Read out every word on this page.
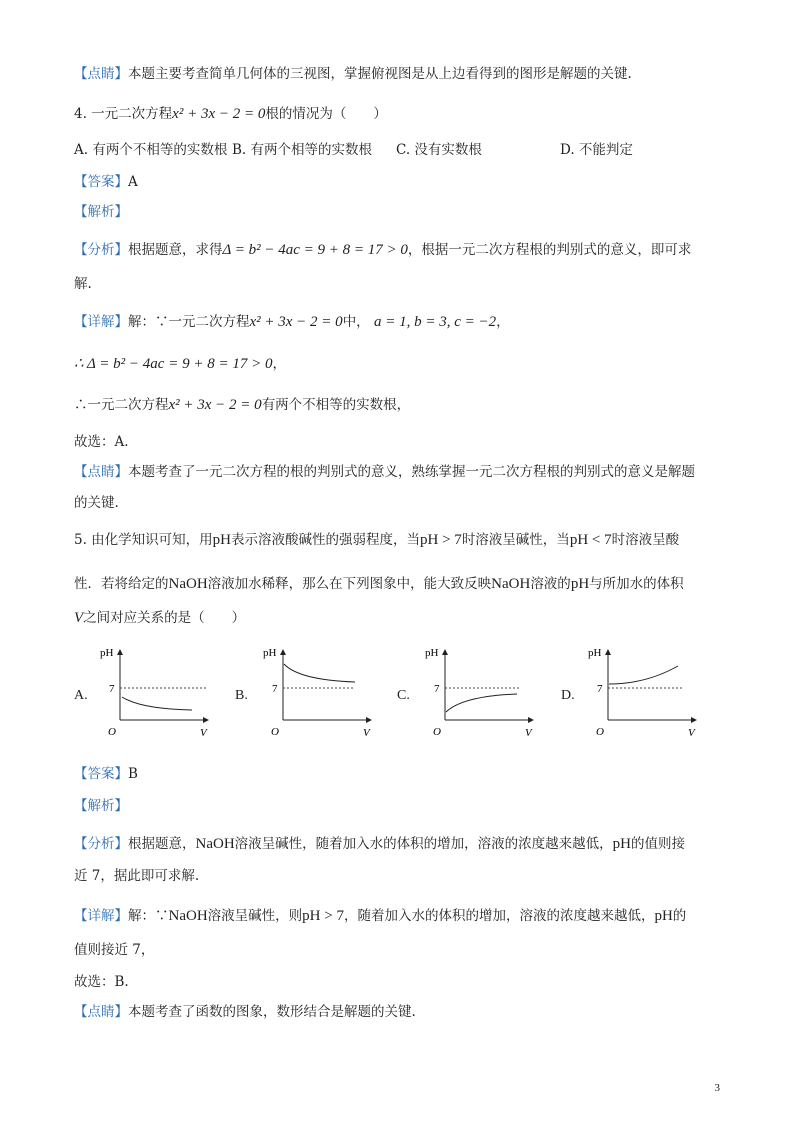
【点睛】本题主要考查简单几何体的三视图，掌握俯视图是从上边看得到的图形是解题的关键.
4. 一元二次方程x² + 3x − 2 = 0根的情况为（　　）
A. 有两个不相等的实数根 B. 有两个相等的实数根 C. 没有实数根	D. 不能判定
【答案】A
【解析】
【分析】根据题意，求得Δ = b² − 4ac = 9 + 8 = 17 > 0，根据一元二次方程根的判别式的意义，即可求
解.
【详解】解：∵一元二次方程x² + 3x − 2 = 0中， a = 1, b = 3, c = −2，
∴ Δ = b² − 4ac = 9 + 8 = 17 > 0，
∴一元二次方程x² + 3x − 2 = 0有两个不相等的实数根，
故选：A.
【点睛】本题考查了一元二次方程的根的判别式的意义，熟练掌握一元二次方程根的判别式的意义是解题
的关键.
5. 由化学知识可知，用pH表示溶液酸碱性的强弱程度，当pH > 7时溶液呈碱性，当pH < 7时溶液呈酸
性．若将给定的NaOH溶液加水稀释，那么在下列图象中，能大致反映NaOH溶液的pH与所加水的体积
V之间对应关系的是（　　）
A.	B.	C.	D.
pH
7
O	V
pH
7
O	V
pH
7
O	V
pH
7
O	V
【答案】B
【解析】
【分析】根据题意，NaOH溶液呈碱性，随着加入水的体积的增加，溶液的浓度越来越低，pH的值则接
近 7，据此即可求解.
【详解】解：∵NaOH溶液呈碱性，则pH > 7，随着加入水的体积的增加，溶液的浓度越来越低，pH的
值则接近 7，
故选：B.
【点睛】本题考查了函数的图象，数形结合是解题的关键.
3
